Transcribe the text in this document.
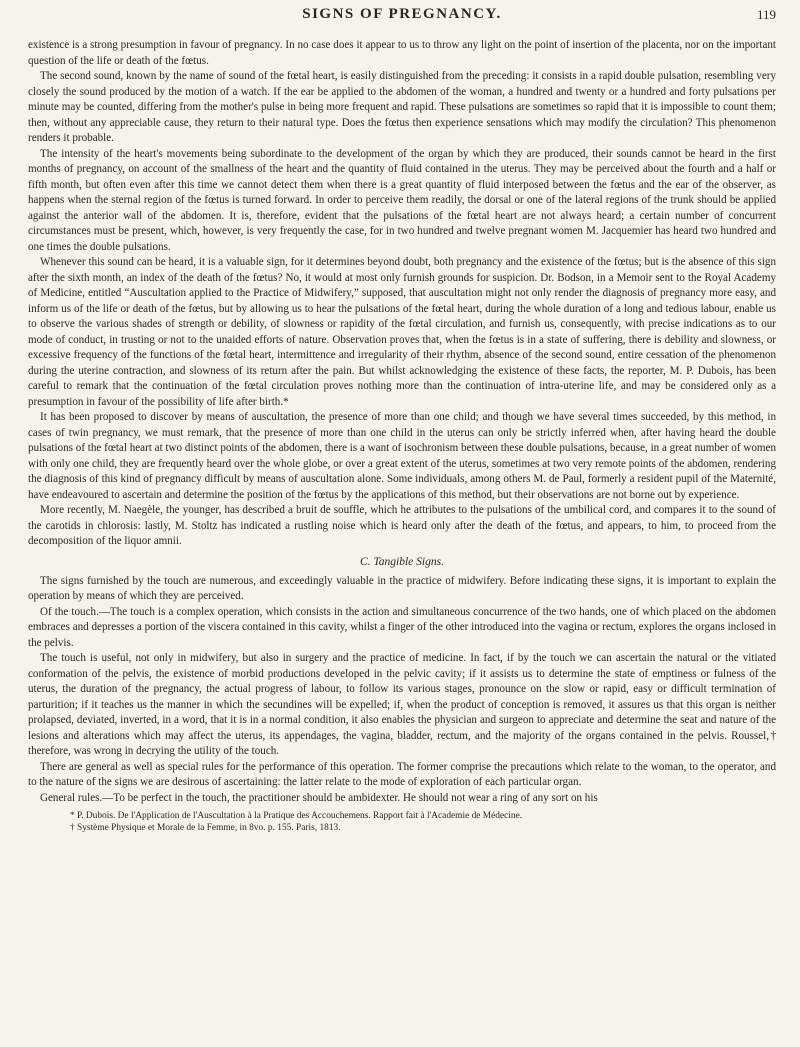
SIGNS OF PREGNANCY.	119

existence is a strong presumption in favour of pregnancy. In no case does it appear to us to throw any light on the point of insertion of the placenta, nor on the important question of the life or death of the fœtus.

The second sound, known by the name of sound of the fœtal heart, is easily distinguished from the preceding: it consists in a rapid double pulsation, resembling very closely the sound produced by the motion of a watch. If the ear be applied to the abdomen of the woman, a hundred and twenty or a hundred and forty pulsations per minute may be counted, differing from the mother's pulse in being more frequent and rapid. These pulsations are sometimes so rapid that it is impossible to count them; then, without any appreciable cause, they return to their natural type. Does the fœtus then experience sensations which may modify the circulation? This phenomenon renders it probable.

The intensity of the heart's movements being subordinate to the development of the organ by which they are produced, their sounds cannot be heard in the first months of pregnancy, on account of the smallness of the heart and the quantity of fluid contained in the uterus. They may be perceived about the fourth and a half or fifth month, but often even after this time we cannot detect them when there is a great quantity of fluid interposed between the fœtus and the ear of the observer, as happens when the sternal region of the fœtus is turned forward. In order to perceive them readily, the dorsal or one of the lateral regions of the trunk should be applied against the anterior wall of the abdomen. It is, therefore, evident that the pulsations of the fœtal heart are not always heard; a certain number of concurrent circumstances must be present, which, however, is very frequently the case, for in two hundred and twelve pregnant women M. Jacquemier has heard two hundred and one times the double pulsations.

Whenever this sound can be heard, it is a valuable sign, for it determines beyond doubt, both pregnancy and the existence of the fœtus; but is the absence of this sign after the sixth month, an index of the death of the fœtus? No, it would at most only furnish grounds for suspicion. Dr. Bodson, in a Memoir sent to the Royal Academy of Medicine, entitled “Auscultation applied to the Practice of Midwifery,” supposed, that auscultation might not only render the diagnosis of pregnancy more easy, and inform us of the life or death of the fœtus, but by allowing us to hear the pulsations of the fœtal heart, during the whole duration of a long and tedious labour, enable us to observe the various shades of strength or debility, of slowness or rapidity of the fœtal circulation, and furnish us, consequently, with precise indications as to our mode of conduct, in trusting or not to the unaided efforts of nature. Observation proves that, when the fœtus is in a state of suffering, there is debility and slowness, or excessive frequency of the functions of the fœtal heart, intermittence and irregularity of their rhythm, absence of the second sound, entire cessation of the phenomenon during the uterine contraction, and slowness of its return after the pain. But whilst acknowledging the existence of these facts, the reporter, M. P. Dubois, has been careful to remark that the continuation of the fœtal circulation proves nothing more than the continuation of intra-uterine life, and may be considered only as a presumption in favour of the possibility of life after birth.*

It has been proposed to discover by means of auscultation, the presence of more than one child; and though we have several times succeeded, by this method, in cases of twin pregnancy, we must remark, that the presence of more than one child in the uterus can only be strictly inferred when, after having heard the double pulsations of the fœtal heart at two distinct points of the abdomen, there is a want of isochronism between these double pulsations, because, in a great number of women with only one child, they are frequently heard over the whole globe, or over a great extent of the uterus, sometimes at two very remote points of the abdomen, rendering the diagnosis of this kind of pregnancy difficult by means of auscultation alone. Some individuals, among others M. de Paul, formerly a resident pupil of the Maternité, have endeavoured to ascertain and determine the position of the fœtus by the applications of this method, but their observations are not borne out by experience.

More recently, M. Naegèle, the younger, has described a bruit de souffle, which he attributes to the pulsations of the umbilical cord, and compares it to the sound of the carotids in chlorosis: lastly, M. Stoltz has indicated a rustling noise which is heard only after the death of the fœtus, and appears, to him, to proceed from the decomposition of the liquor amnii.

C. Tangible Signs.

The signs furnished by the touch are numerous, and exceedingly valuable in the practice of midwifery. Before indicating these signs, it is important to explain the operation by means of which they are perceived.

Of the touch.—The touch is a complex operation, which consists in the action and simultaneous concurrence of the two hands, one of which placed on the abdomen embraces and depresses a portion of the viscera contained in this cavity, whilst a finger of the other introduced into the vagina or rectum, explores the organs inclosed in the pelvis.

The touch is useful, not only in midwifery, but also in surgery and the practice of medicine. In fact, if by the touch we can ascertain the natural or the vitiated conformation of the pelvis, the existence of morbid productions developed in the pelvic cavity; if it assists us to determine the state of emptiness or fulness of the uterus, the duration of the pregnancy, the actual progress of labour, to follow its various stages, pronounce on the slow or rapid, easy or difficult termination of parturition; if it teaches us the manner in which the secundines will be expelled; if, when the product of conception is removed, it assures us that this organ is neither prolapsed, deviated, inverted, in a word, that it is in a normal condition, it also enables the physician and surgeon to appreciate and determine the seat and nature of the lesions and alterations which may affect the uterus, its appendages, the vagina, bladder, rectum, and the majority of the organs contained in the pelvis. Roussel,† therefore, was wrong in decrying the utility of the touch.

There are general as well as special rules for the performance of this operation. The former comprise the precautions which relate to the woman, to the operator, and to the nature of the signs we are desirous of ascertaining: the latter relate to the mode of exploration of each particular organ.

General rules.—To be perfect in the touch, the practitioner should be ambidexter. He should not wear a ring of any sort on his

* P. Dubois. De l'Application de l'Auscultation à la Pratique des Accouchemens. Rapport fait à l'Academie de Médecine.

† Système Physique et Morale de la Femme, in 8vo. p. 155. Paris, 1813.
